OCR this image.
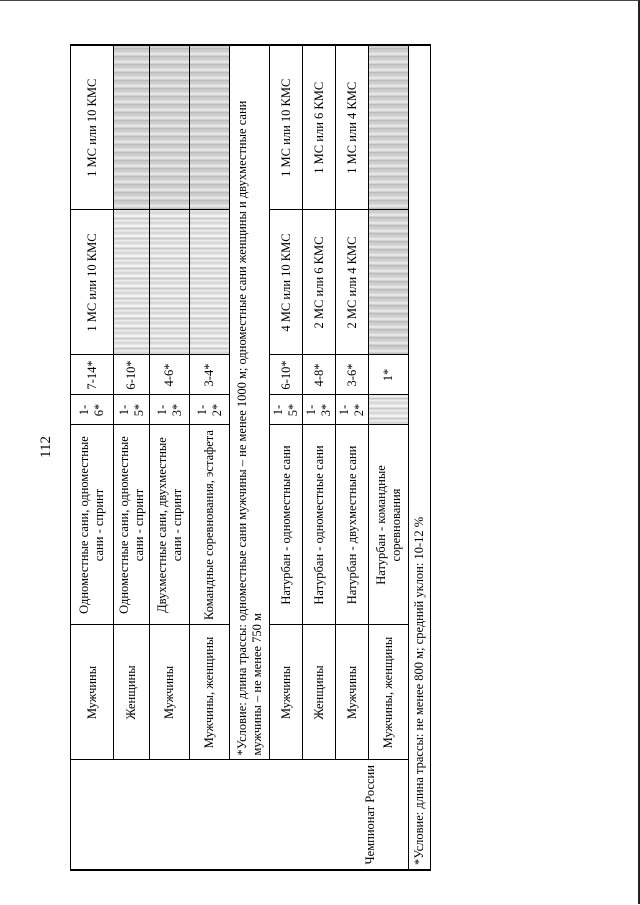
112
Чемпионат России	Мужчины	Одноместные сани, одноместные сани - спринт	1-6*	7-14*	1 МС или 10 КМС	1 МС или 10 КМС
	Женщины	Одноместные сани, одноместные сани - спринт	1-5*	6-10*		
	Мужчины	Двухместные сани, двухместные сани - спринт	1-3*	4-6*		
	Мужчины, женщины	Командные соревнования, эстафета	1-2*	3-4*		
	*Условие: длина трассы: одноместные сани мужчины – не менее 1000 м; одноместные сани женщины и двухместные сани мужчины – не менее 750 м					
	Мужчины	Натурбан - одноместные сани	1-5*	6-10*	4 МС или 10 КМС	1 МС или 10 КМС
	Женщины	Натурбан - одноместные сани	1-3*	4-8*	2 МС или 6 КМС	1 МС или 6 КМС
	Мужчины	Натурбан - двухместные сани	1-2*	3-6*	2 МС или 4 КМС	1 МС или 4 КМС
	Мужчины, женщины	Натурбан - командные соревнования		1*		
*Условие: длина трассы: не менее 800 м; средний уклон: 10-12 %						
